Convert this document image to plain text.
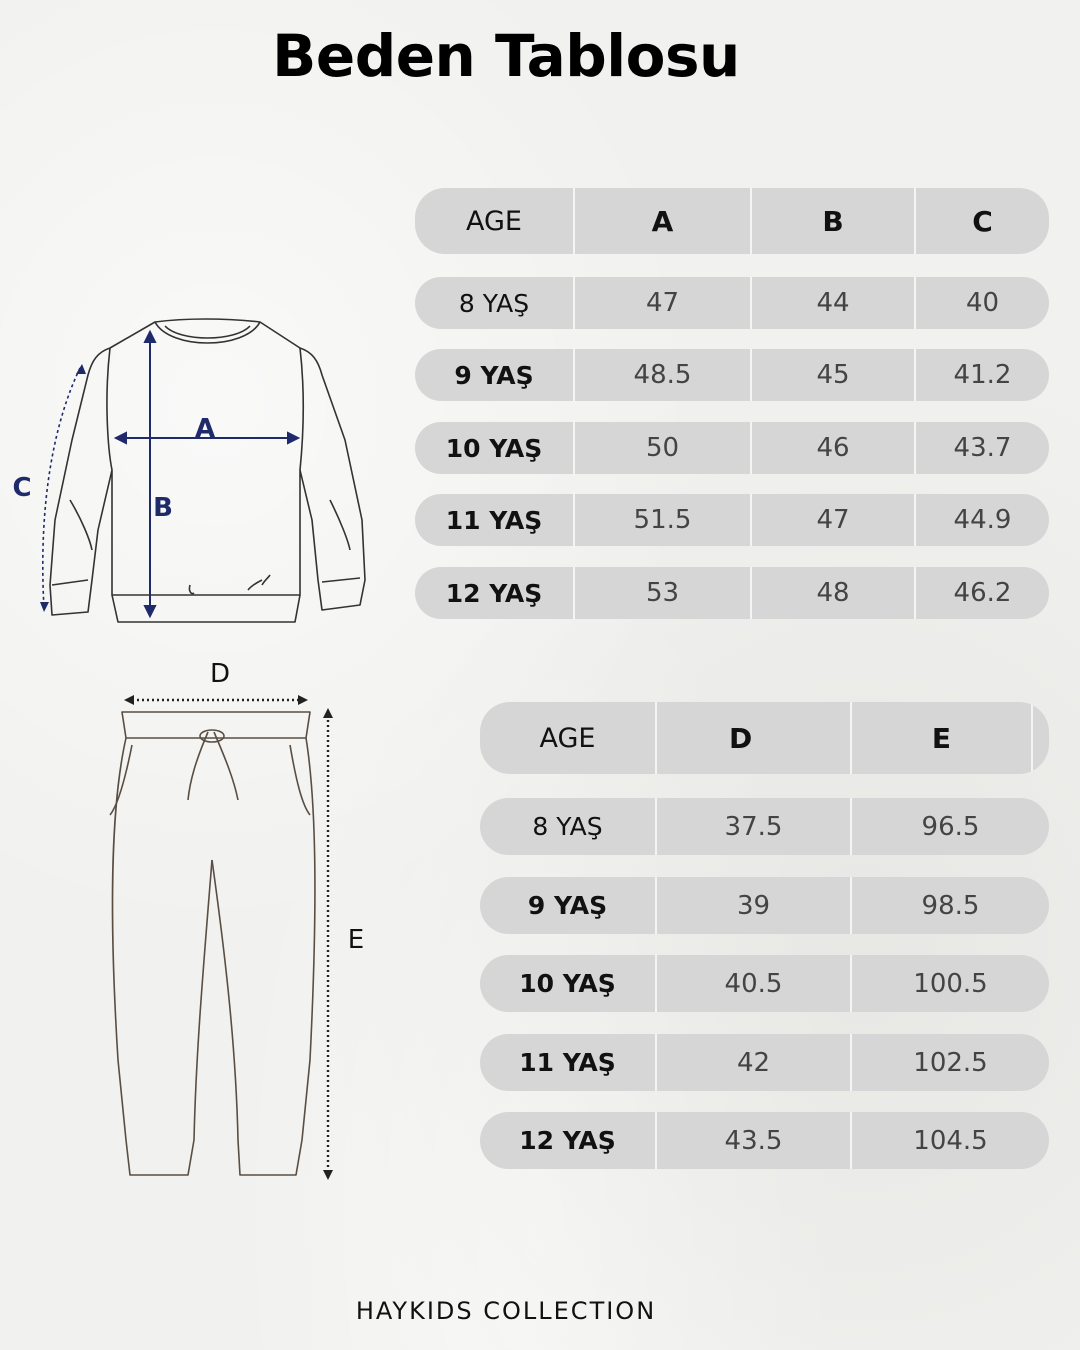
Beden Tablosu
A
B
C
D
E
AGE	A	B	C
8 YAŞ	47	44	40
9 YAŞ	48.5	45	41.2
10 YAŞ	50	46	43.7
11 YAŞ	51.5	47	44.9
12 YAŞ	53	48	46.2
AGE	D	E
8 YAŞ	37.5	96.5
9 YAŞ	39	98.5
10 YAŞ	40.5	100.5
11 YAŞ	42	102.5
12 YAŞ	43.5	104.5
HAYKIDS COLLECTION
